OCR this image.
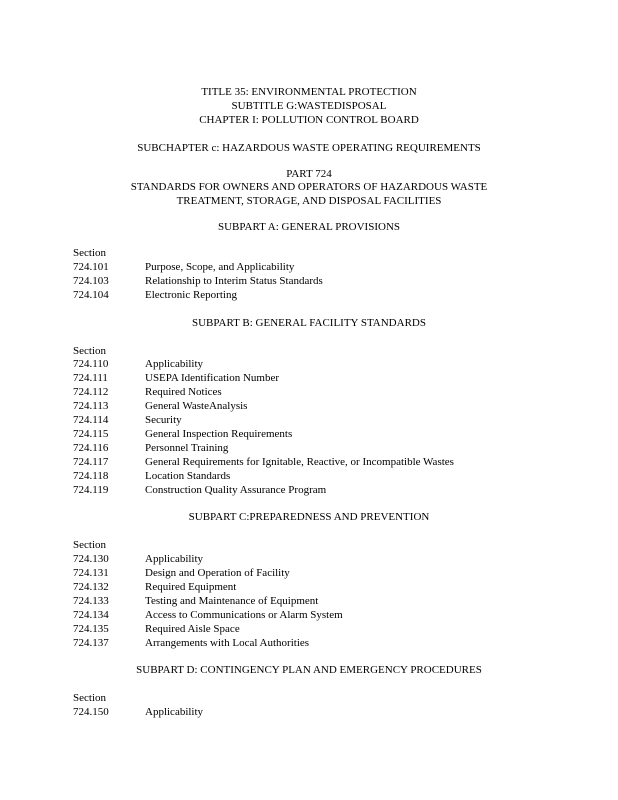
TITLE 35: ENVIRONMENTAL PROTECTION
SUBTITLE G:WASTEDISPOSAL
CHAPTER I: POLLUTION CONTROL BOARD
SUBCHAPTER c: HAZARDOUS WASTE OPERATING REQUIREMENTS
PART 724
STANDARDS FOR OWNERS AND OPERATORS OF HAZARDOUS WASTE
TREATMENT, STORAGE, AND DISPOSAL FACILITIES
SUBPART A: GENERAL PROVISIONS
Section
724.101	Purpose, Scope, and Applicability
724.103	Relationship to Interim Status Standards
724.104	Electronic Reporting
SUBPART B: GENERAL FACILITY STANDARDS
Section
724.110	Applicability
724.111	USEPA Identification Number
724.112	Required Notices
724.113	General WasteAnalysis
724.114	Security
724.115	General Inspection Requirements
724.116	Personnel Training
724.117	General Requirements for Ignitable, Reactive, or Incompatible Wastes
724.118	Location Standards
724.119	Construction Quality Assurance Program
SUBPART C:PREPAREDNESS AND PREVENTION
Section
724.130	Applicability
724.131	Design and Operation of Facility
724.132	Required Equipment
724.133	Testing and Maintenance of Equipment
724.134	Access to Communications or Alarm System
724.135	Required Aisle Space
724.137	Arrangements with Local Authorities
SUBPART D: CONTINGENCY PLAN AND EMERGENCY PROCEDURES
Section
724.150	Applicability
